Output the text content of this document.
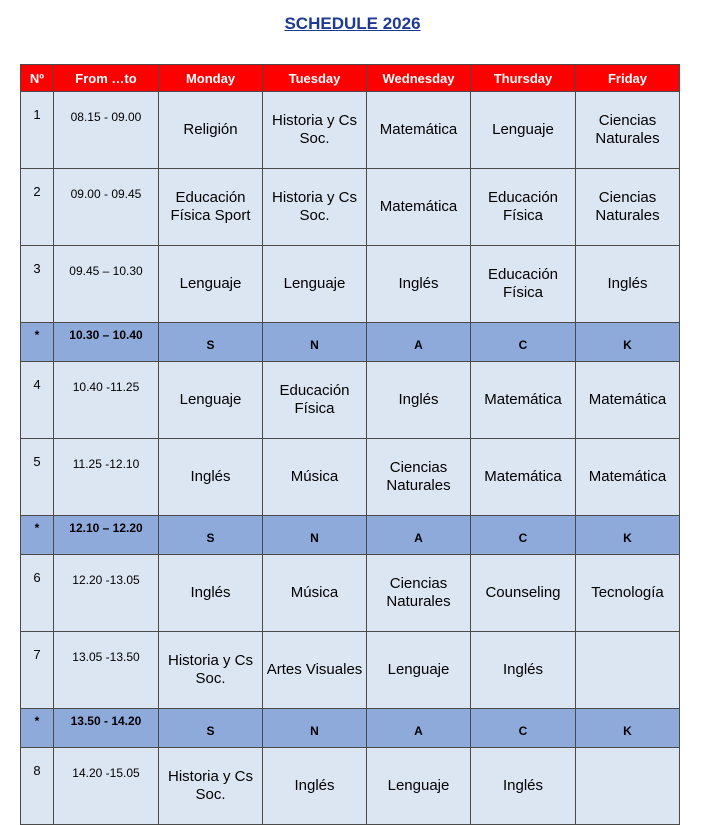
SCHEDULE 2026
Nº	From …to	Monday	Tuesday	Wednesday	Thursday	Friday
1	08.15 - 09.00	Religión	Historia y Cs Soc.	Matemática	Lenguaje	Ciencias Naturales
2	09.00 - 09.45	Educación Física Sport	Historia y Cs Soc.	Matemática	Educación Física	Ciencias Naturales
3	09.45 – 10.30	Lenguaje	Lenguaje	Inglés	Educación Física	Inglés
*	10.30 – 10.40	S	N	A	C	K
4	10.40 -11.25	Lenguaje	Educación Física	Inglés	Matemática	Matemática
5	11.25 -12.10	Inglés	Música	Ciencias Naturales	Matemática	Matemática
*	12.10 – 12.20	S	N	A	C	K
6	12.20 -13.05	Inglés	Música	Ciencias Naturales	Counseling	Tecnología
7	13.05 -13.50	Historia y Cs Soc.	Artes Visuales	Lenguaje	Inglés	
*	13.50 - 14.20	S	N	A	C	K
8	14.20 -15.05	Historia y Cs Soc.	Inglés	Lenguaje	Inglés	
